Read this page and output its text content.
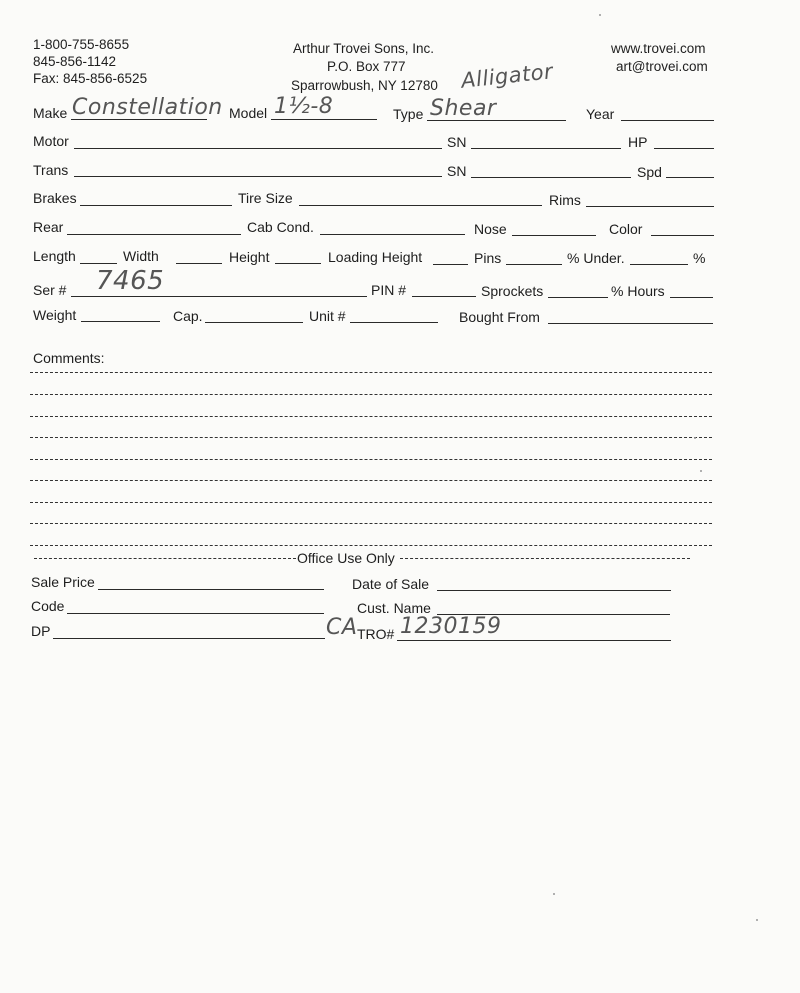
1-800-755-8655
845-856-1142
Fax: 845-856-6525
Arthur Trovei Sons, Inc.
P.O. Box 777
Sparrowbush, NY 12780
www.trovei.com
art@trovei.com
Alligator
Make Constellation Model 1½-8	Type Shear	Year
Motor	SN	HP
Trans	SN	Spd
Brakes	Tire Size	Rims
Rear	Cab Cond.	Nose	Color
Length	Width	Height	Loading Height	Pins	% Under.	%
Ser # 7465	PIN #	Sprockets	% Hours
Weight	Cap.	Unit #	Bought From
Comments:
Office Use Only
Sale Price	Date of Sale
Code	Cust. Name
DP	CA TRO# 1230159
